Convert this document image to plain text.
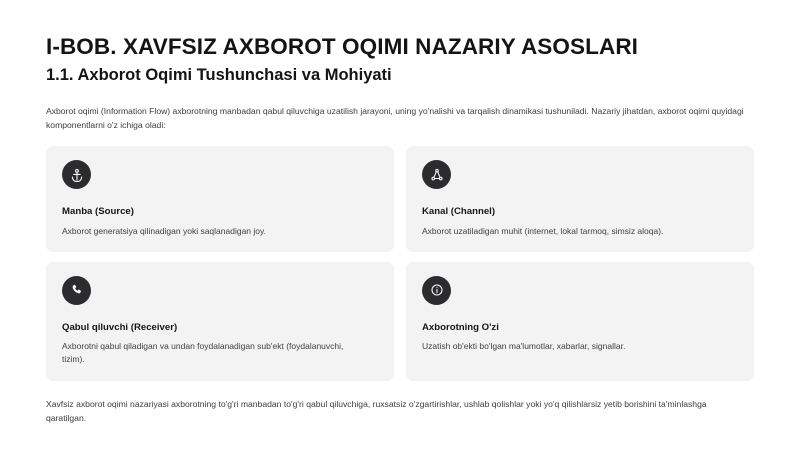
I-BOB. XAVFSIZ AXBOROT OQIMI NAZARIY ASOSLARI
1.1. Axborot Oqimi Tushunchasi va Mohiyati

Axborot oqimi (Information Flow) axborotning manbadan qabul qiluvchiga uzatilish jarayoni, uning yo'nalishi va tarqalish dinamikasi tushuniladi. Nazariy jihatdan, axborot oqimi quyidagi komponentlarni o'z ichiga oladi:

Manba (Source)

Axborot generatsiya qilinadigan yoki saqlanadigan joy.

Kanal (Channel)

Axborot uzatiladigan muhit (internet, lokal tarmoq, simsiz aloqa).

Qabul qiluvchi (Receiver)

Axborotni qabul qiladigan va undan foydalanadigan sub'ekt (foydalanuvchi, tizim).

Axborotning O'zi

Uzatish ob'ekti bo'lgan ma'lumotlar, xabarlar, signallar.

Xavfsiz axborot oqimi nazariyasi axborotning to'g'ri manbadan to'g'ri qabul qiluvchiga, ruxsatsiz o'zgartirishlar, ushlab qolishlar yoki yo'q qilishlarsiz yetib borishini ta'minlashga qaratilgan.
